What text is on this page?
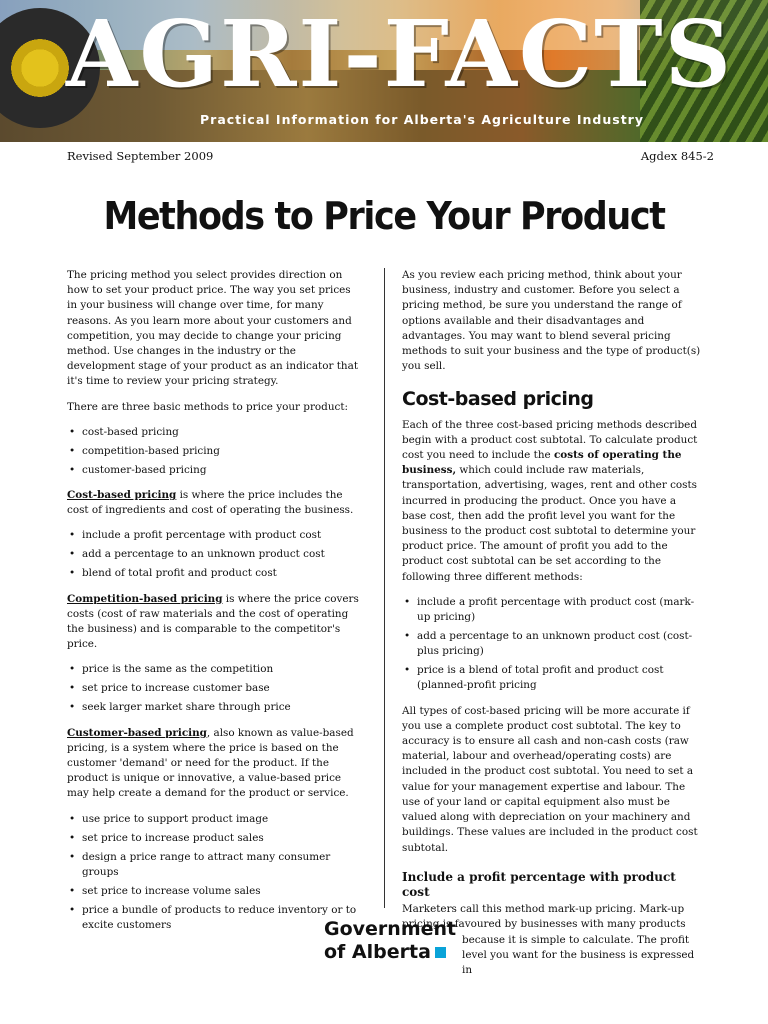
AGRI-FACTS
Practical Information for Alberta's Agriculture Industry
Revised September 2009	Agdex 845-2
Methods to Price Your Product

The pricing method you select provides direction on how to set your product price. The way you set prices in your business will change over time, for many reasons. As you learn more about your customers and competition, you may decide to change your pricing method. Use changes in the industry or the development stage of your product as an indicator that it's time to review your pricing strategy.

There are three basic methods to price your product:

• cost-based pricing
• competition-based pricing
• customer-based pricing

Cost-based pricing is where the price includes the cost of ingredients and cost of operating the business.

• include a profit percentage with product cost
• add a percentage to an unknown product cost
• blend of total profit and product cost

Competition-based pricing is where the price covers costs (cost of raw materials and the cost of operating the business) and is comparable to the competitor's price.

• price is the same as the competition
• set price to increase customer base
• seek larger market share through price

Customer-based pricing, also known as value-based pricing, is a system where the price is based on the customer 'demand' or need for the product. If the product is unique or innovative, a value-based price may help create a demand for the product or service.

• use price to support product image
• set price to increase product sales
• design a price range to attract many consumer groups
• set price to increase volume sales
• price a bundle of products to reduce inventory or to excite customers

As you review each pricing method, think about your business, industry and customer. Before you select a pricing method, be sure you understand the range of options available and their disadvantages and advantages. You may want to blend several pricing methods to suit your business and the type of product(s) you sell.

Cost-based pricing

Each of the three cost-based pricing methods described begin with a product cost subtotal. To calculate product cost you need to include the costs of operating the business, which could include raw materials, transportation, advertising, wages, rent and other costs incurred in producing the product. Once you have a base cost, then add the profit level you want for the business to the product cost subtotal to determine your product price. The amount of profit you add to the product cost subtotal can be set according to the following three different methods:

• include a profit percentage with product cost (mark-up pricing)
• add a percentage to an unknown product cost (cost-plus pricing)
• price is a blend of total profit and product cost (planned-profit pricing

All types of cost-based pricing will be more accurate if you use a complete product cost subtotal. The key to accuracy is to ensure all cash and non-cash costs (raw material, labour and overhead/operating costs) are included in the product cost subtotal. You need to set a value for your management expertise and labour. The use of your land or capital equipment also must be valued along with depreciation on your machinery and buildings. These values are included in the product cost subtotal.

Include a profit percentage with product cost

Marketers call this method mark-up pricing. Mark-up pricing is favoured by businesses with many products
because it is simple to calculate. The profit level you want for the business is expressed in

Government
of Alberta
